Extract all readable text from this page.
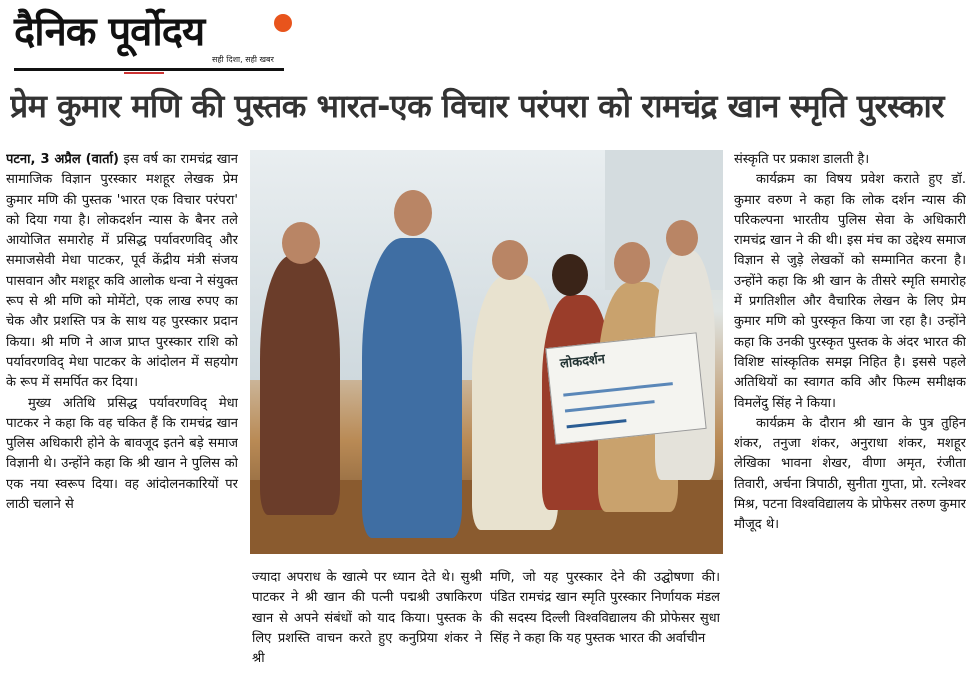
दैनिक पूर्वोदय
सही दिशा, सही खबर
प्रेम कुमार मणि की पुस्तक भारत-एक विचार परंपरा को रामचंद्र खान स्मृति पुरस्कार

पटना, 3 अप्रैल (वार्ता) इस वर्ष का रामचंद्र खान सामाजिक विज्ञान पुरस्कार मशहूर लेखक प्रेम कुमार मणि की पुस्तक 'भारत एक विचार परंपरा' को दिया गया है। लोकदर्शन न्यास के बैनर तले आयोजित समारोह में प्रसिद्ध पर्यावरणविद् और समाजसेवी मेधा पाटकर, पूर्व केंद्रीय मंत्री संजय पासवान और मशहूर कवि आलोक धन्वा ने संयुक्त रूप से श्री मणि को मोमेंटो, एक लाख रुपए का चेक और प्रशस्ति पत्र के साथ यह पुरस्कार प्रदान किया। श्री मणि ने आज प्राप्त पुरस्कार राशि को पर्यावरणविद् मेधा पाटकर के आंदोलन में सहयोग के रूप में समर्पित कर दिया।

मुख्य अतिथि प्रसिद्ध पर्यावरणविद् मेधा पाटकर ने कहा कि वह चकित हैं कि रामचंद्र खान पुलिस अधिकारी होने के बावजूद इतने बड़े समाज विज्ञानी थे। उन्होंने कहा कि श्री खान ने पुलिस को एक नया स्वरूप दिया। वह आंदोलनकारियों पर लाठी चलाने से

लोकदर्शन

ज्यादा अपराध के खात्मे पर ध्यान देते थे। सुश्री पाटकर ने श्री खान की पत्नी पद्मश्री उषाकिरण खान से अपने संबंधों को याद किया। पुस्तक के लिए प्रशस्ति वाचन करते हुए कनुप्रिया शंकर ने श्री

मणि, जो यह पुरस्कार देने की उद्घोषणा की। पंडित रामचंद्र खान स्मृति पुरस्कार निर्णायक मंडल की सदस्य दिल्ली विश्वविद्यालय की प्रोफेसर सुधा सिंह ने कहा कि यह पुस्तक भारत की अर्वाचीन

संस्कृति पर प्रकाश डालती है।

कार्यक्रम का विषय प्रवेश कराते हुए डॉ. कुमार वरुण ने कहा कि लोक दर्शन न्यास की परिकल्पना भारतीय पुलिस सेवा के अधिकारी रामचंद्र खान ने की थी। इस मंच का उद्देश्य समाज विज्ञान से जुड़े लेखकों को सम्मानित करना है। उन्होंने कहा कि श्री खान के तीसरे स्मृति समारोह में प्रगतिशील और वैचारिक लेखन के लिए प्रेम कुमार मणि को पुरस्कृत किया जा रहा है। उन्होंने कहा कि उनकी पुरस्कृत पुस्तक के अंदर भारत की विशिष्ट सांस्कृतिक समझ निहित है। इससे पहले अतिथियों का स्वागत कवि और फिल्म समीक्षक विमलेंदु सिंह ने किया।

कार्यक्रम के दौरान श्री खान के पुत्र तुहिन शंकर, तनुजा शंकर, अनुराधा शंकर, मशहूर लेखिका भावना शेखर, वीणा अमृत, रंजीता तिवारी, अर्चना त्रिपाठी, सुनीता गुप्ता, प्रो. रत्नेश्वर मिश्र, पटना विश्वविद्यालय के प्रोफेसर तरुण कुमार मौजूद थे।
